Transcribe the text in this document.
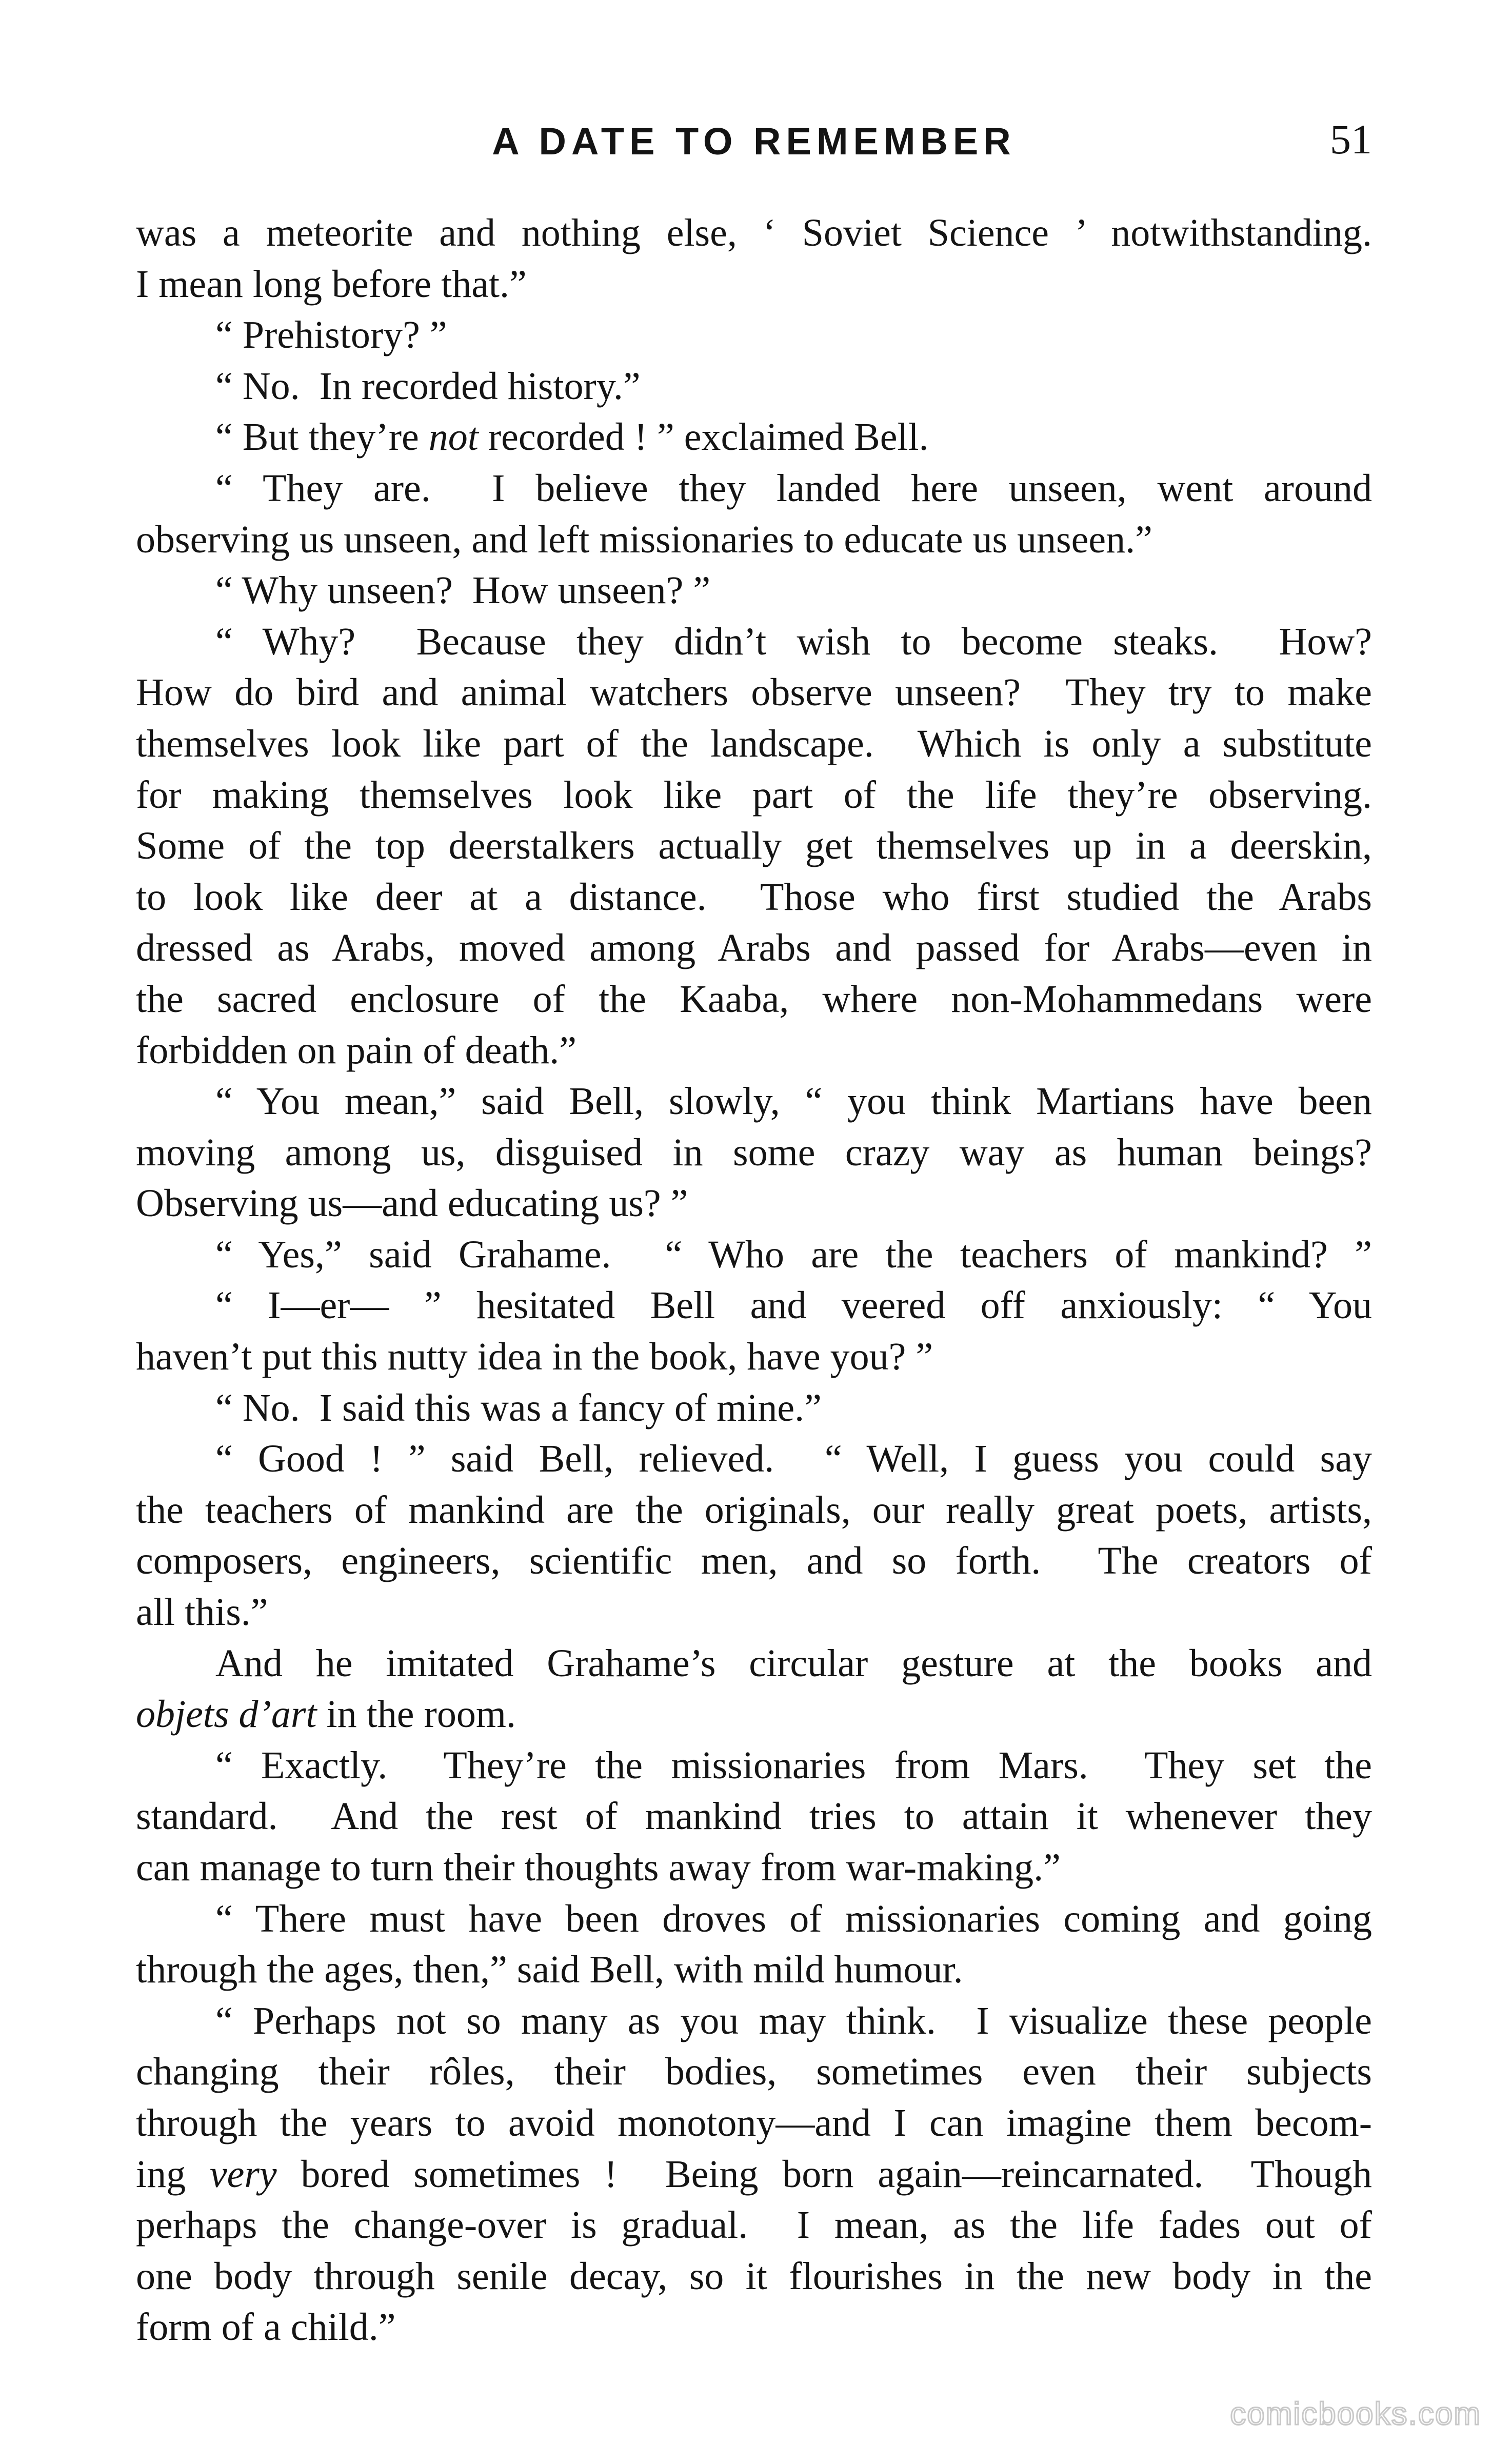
A DATE TO REMEMBER	51
was a meteorite and nothing else, ‘ Soviet Science ’ notwithstanding.
I mean long before that.”
“ Prehistory? ”
“ No.  In recorded history.”
“ But they’re not recorded ! ” exclaimed Bell.
“ They are.  I believe they landed here unseen, went around
observing us unseen, and left missionaries to educate us unseen.”
“ Why unseen?  How unseen? ”
“ Why?  Because they didn’t wish to become steaks.  How?
How do bird and animal watchers observe unseen?  They try to make
themselves look like part of the landscape.  Which is only a substitute
for making themselves look like part of the life they’re observing.
Some of the top deerstalkers actually get themselves up in a deerskin,
to look like deer at a distance.  Those who first studied the Arabs
dressed as Arabs, moved among Arabs and passed for Arabs—even in
the sacred enclosure of the Kaaba, where non-Mohammedans were
forbidden on pain of death.”
“ You mean,” said Bell, slowly, “ you think Martians have been
moving among us, disguised in some crazy way as human beings?
Observing us—and educating us? ”
“ Yes,” said Grahame.  “ Who are the teachers of mankind? ”
“ I—er— ” hesitated Bell and veered off anxiously: “ You
haven’t put this nutty idea in the book, have you? ”
“ No.  I said this was a fancy of mine.”
“ Good ! ” said Bell, relieved.  “ Well, I guess you could say
the teachers of mankind are the originals, our really great poets, artists,
composers, engineers, scientific men, and so forth.  The creators of
all this.”
And he imitated Grahame’s circular gesture at the books and
objets d’art in the room.
“ Exactly.  They’re the missionaries from Mars.  They set the
standard.  And the rest of mankind tries to attain it whenever they
can manage to turn their thoughts away from war-making.”
“ There must have been droves of missionaries coming and going
through the ages, then,” said Bell, with mild humour.
“ Perhaps not so many as you may think.  I visualize these people
changing their rôles, their bodies, sometimes even their subjects
through the years to avoid monotony—and I can imagine them becom-
ing very bored sometimes !  Being born again—reincarnated.  Though
perhaps the change-over is gradual.  I mean, as the life fades out of
one body through senile decay, so it flourishes in the new body in the
form of a child.”
comicbooks.com
